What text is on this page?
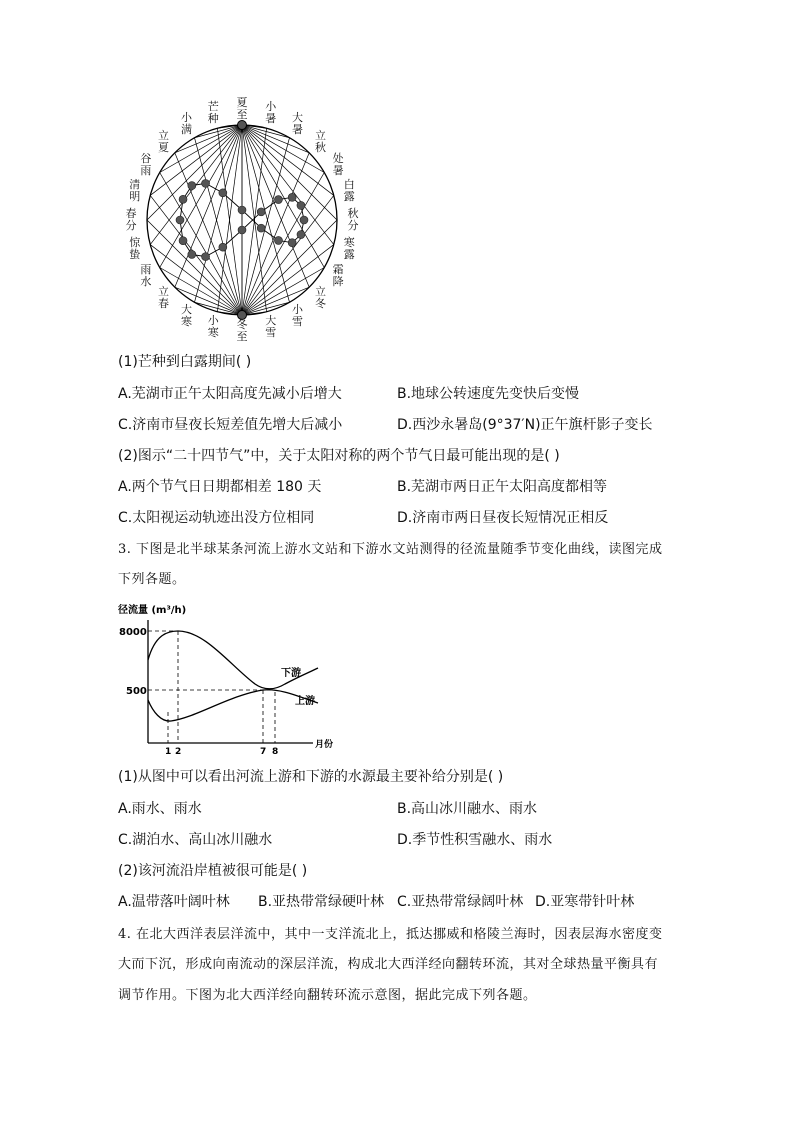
夏至
小暑 大暑 立秋
处暑
白露
秋分
寒露
霜降
立冬
小雪
大雪
冬至
小寒
大寒
立春
雨水
惊蛰
春分
清明
谷雨
立夏
小满
芒种
(1)芒种到白露期间( )
A.芜湖市正午太阳高度先减小后增大	B.地球公转速度先变快后变慢
C.济南市昼夜长短差值先增大后减小	D.西沙永暑岛(9°37′N)正午旗杆影子变长
(2)图示“二十四节气”中，关于太阳对称的两个节气日最可能出现的是( )
A.两个节气日日期都相差 180 天	B.芜湖市两日正午太阳高度都相等
C.太阳视运动轨迹出没方位相同	D.济南市两日昼夜长短情况正相反
3. 下图是北半球某条河流上游水文站和下游水文站测得的径流量随季节变化曲线，读图完成
下列各题。
径流量 (m³/h)
8000
500
1 2	7 8
月份
下游
上游
(1)从图中可以看出河流上游和下游的水源最主要补给分别是( )
A.雨水、雨水	B.高山冰川融水、雨水
C.湖泊水、高山冰川融水	D.季节性积雪融水、雨水
(2)该河流沿岸植被很可能是( )
A.温带落叶阔叶林 B.亚热带常绿硬叶林 C.亚热带常绿阔叶林 D.亚寒带针叶林
4. 在北大西洋表层洋流中，其中一支洋流北上，抵达挪威和格陵兰海时，因表层海水密度变
大而下沉，形成向南流动的深层洋流，构成北大西洋经向翻转环流，其对全球热量平衡具有
调节作用。下图为北大西洋经向翻转环流示意图，据此完成下列各题。
